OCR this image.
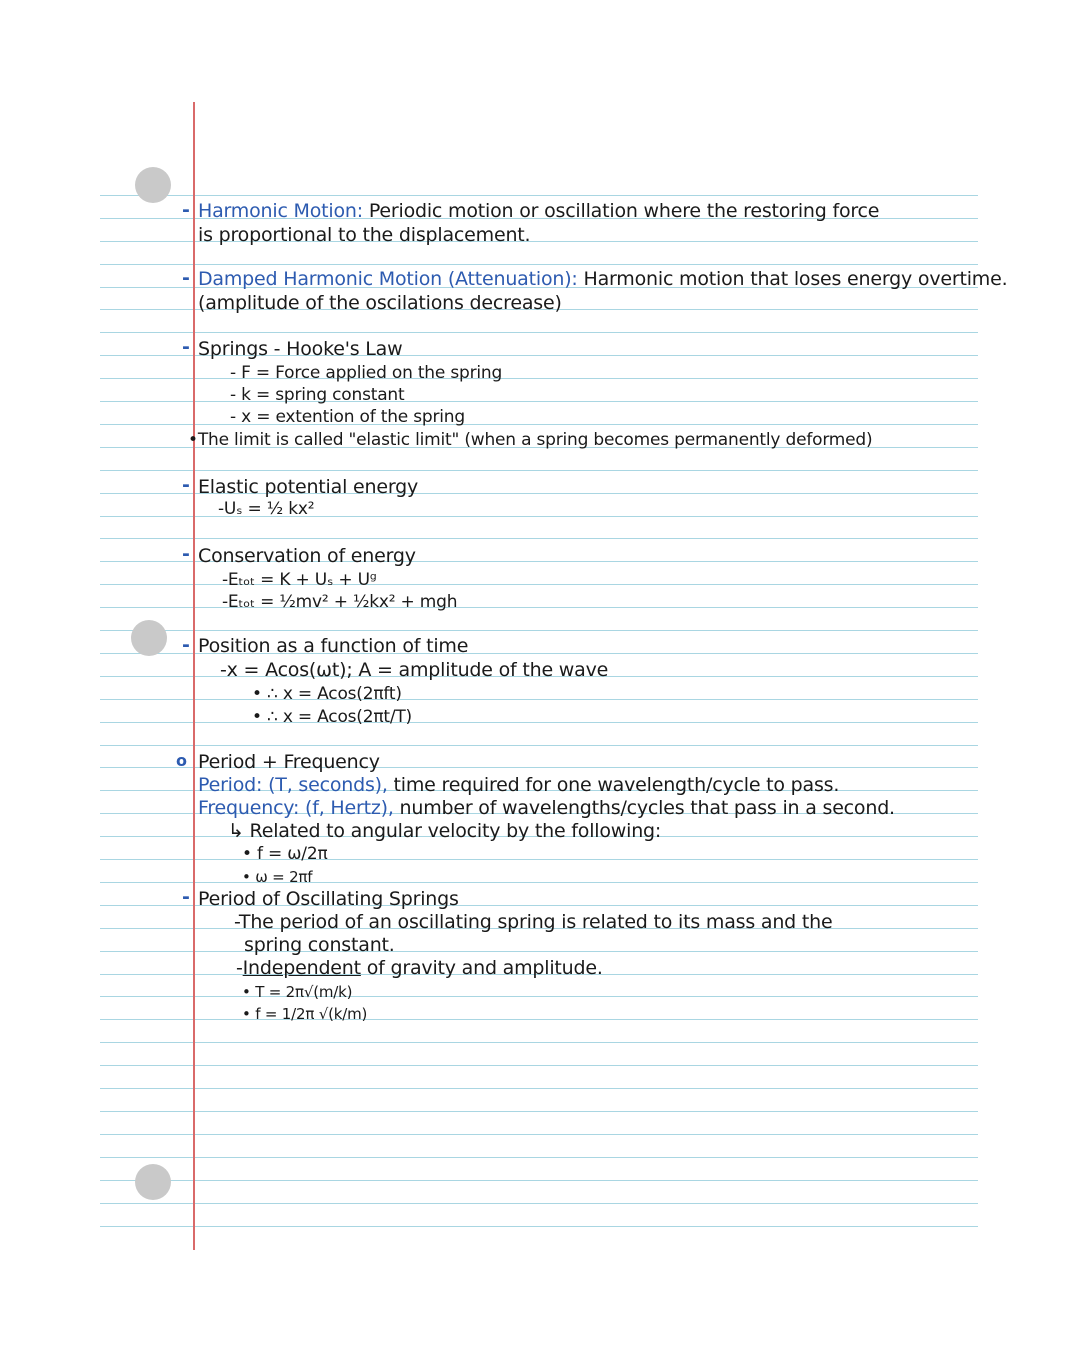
- Harmonic Motion: Periodic motion or oscillation where the restoring force
is proportional to the displacement.
- Damped Harmonic Motion (Attenuation): Harmonic motion that loses energy overtime.
(amplitude of the oscilations decrease)
- Springs - Hooke's Law
- F = Force applied on the spring
- k = spring constant
- x = extention of the spring
•The limit is called "elastic limit" (when a spring becomes permanently deformed)
- Elastic potential energy
-Uₛ = ½ kx²
- Conservation of energy
-Eₜₒₜ = K + Uₛ + Uᵍ
-Eₜₒₜ = ½mv² + ½kx² + mgh
- Position as a function of time
-x = Acos(ωt); A = amplitude of the wave
• ∴ x = Acos(2πft)
• ∴ x = Acos(2πt/T)
o Period + Frequency
Period: (T, seconds), time required for one wavelength/cycle to pass.
Frequency: (f, Hertz), number of wavelengths/cycles that pass in a second.
↳ Related to angular velocity by the following:
• f = ω/2π
• ω = 2πf
- Period of Oscillating Springs
-The period of an oscillating spring is related to its mass and the
spring constant.
-Independent of gravity and amplitude.
• T = 2π√(m/k)
• f = 1/2π √(k/m)
